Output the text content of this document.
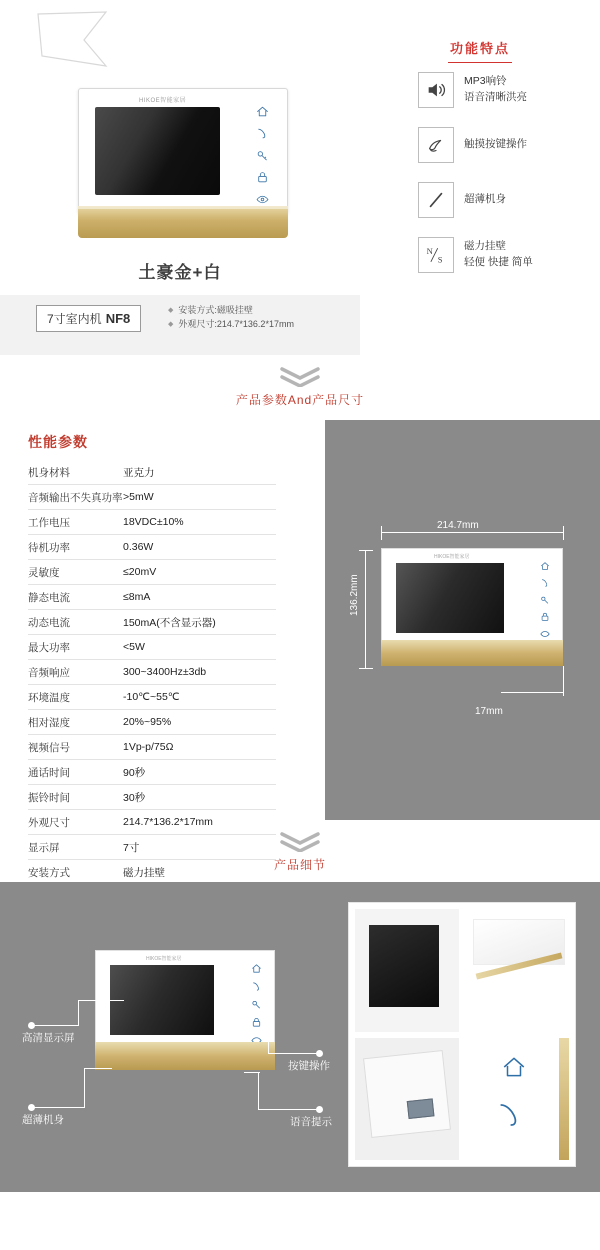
HIKOE智能家居
土豪金+白
7寸室内机 NF8
◆ 安装方式:磁吸挂壁
◆ 外观尺寸:214.7*136.2*17mm
功能特点
MP3响铃
语音清晰洪亮
触摸按键操作
超薄机身
N
S
磁力挂壁
轻便 快捷 简单
产品参数And产品尺寸
性能参数
机身材料	亚克力
音频输出不失真功率	>5mW
工作电压	18VDC±10%
待机功率	0.36W
灵敏度	≤20mV
静态电流	≤8mA
动态电流	150mA(不含显示器)
最大功率	<5W
音频响应	300~3400Hz±3db
环境温度	-10℃~55℃
相对湿度	20%~95%
视频信号	1Vp-p/75Ω
通话时间	90秒
振铃时间	30秒
外观尺寸	214.7*136.2*17mm
显示屏	7寸
安装方式	磁力挂壁
HIKOE智能家居
214.7mm
136.2mm
17mm
产品细节
HIKOE智能家居
高清显示屏
超薄机身
按键操作
语音提示
